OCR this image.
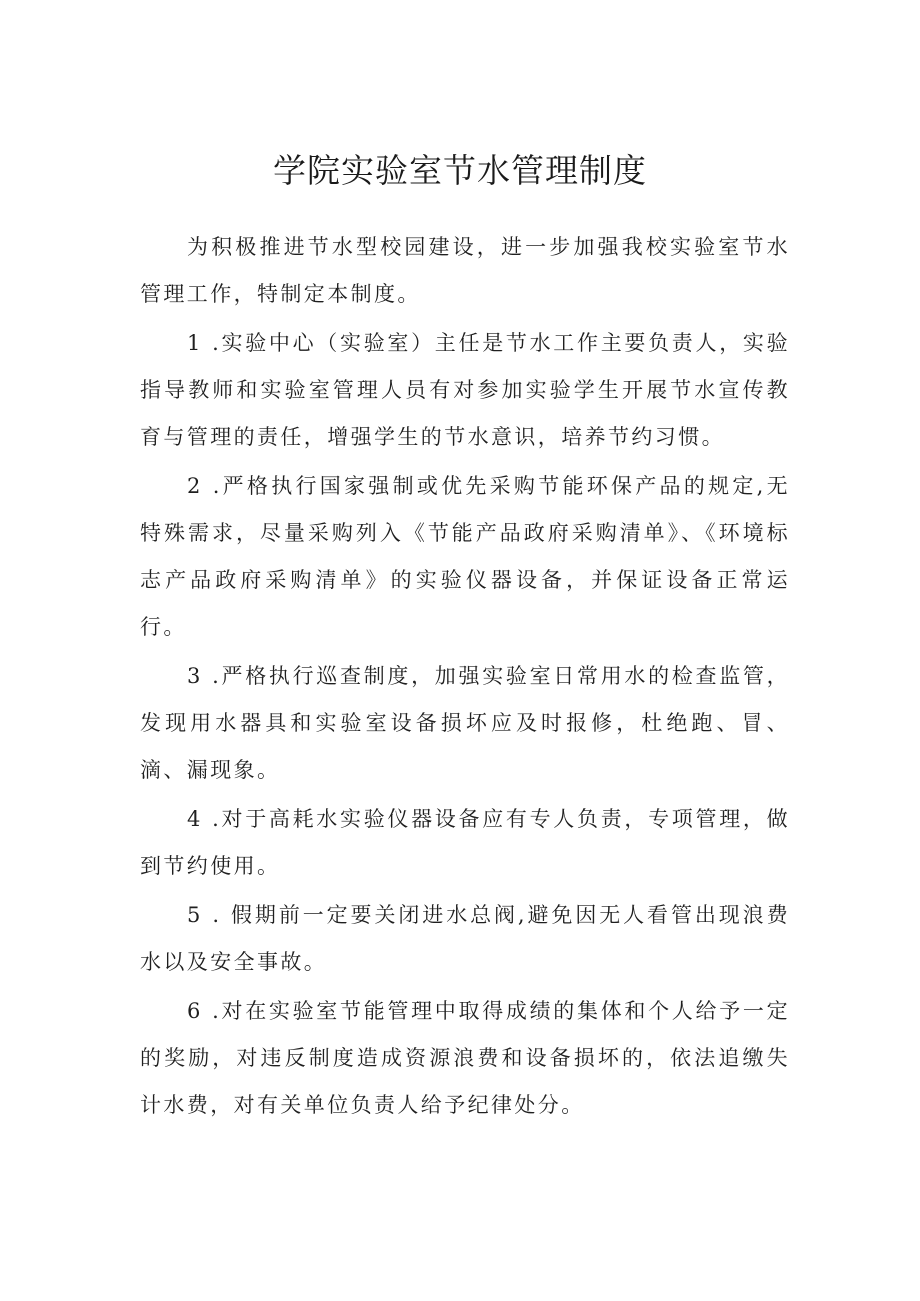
学院实验室节水管理制度

为积极推进节水型校园建设，进一步加强我校实验室节水管理工作，特制定本制度。

1 .实验中心（实验室）主任是节水工作主要负责人，实验指导教师和实验室管理人员有对参加实验学生开展节水宣传教育与管理的责任，增强学生的节水意识，培养节约习惯。

2 .严格执行国家强制或优先采购节能环保产品的规定,无特殊需求，尽量采购列入《节能产品政府采购清单》、《环境标志产品政府采购清单》的实验仪器设备，并保证设备正常运行。

3 .严格执行巡查制度，加强实验室日常用水的检查监管，发现用水器具和实验室设备损坏应及时报修，杜绝跑、冒、滴、漏现象。

4 .对于高耗水实验仪器设备应有专人负责，专项管理，做到节约使用。

5 . 假期前一定要关闭进水总阀,避免因无人看管出现浪费水以及安全事故。

6 .对在实验室节能管理中取得成绩的集体和个人给予一定的奖励，对违反制度造成资源浪费和设备损坏的，依法追缴失计水费，对有关单位负责人给予纪律处分。
